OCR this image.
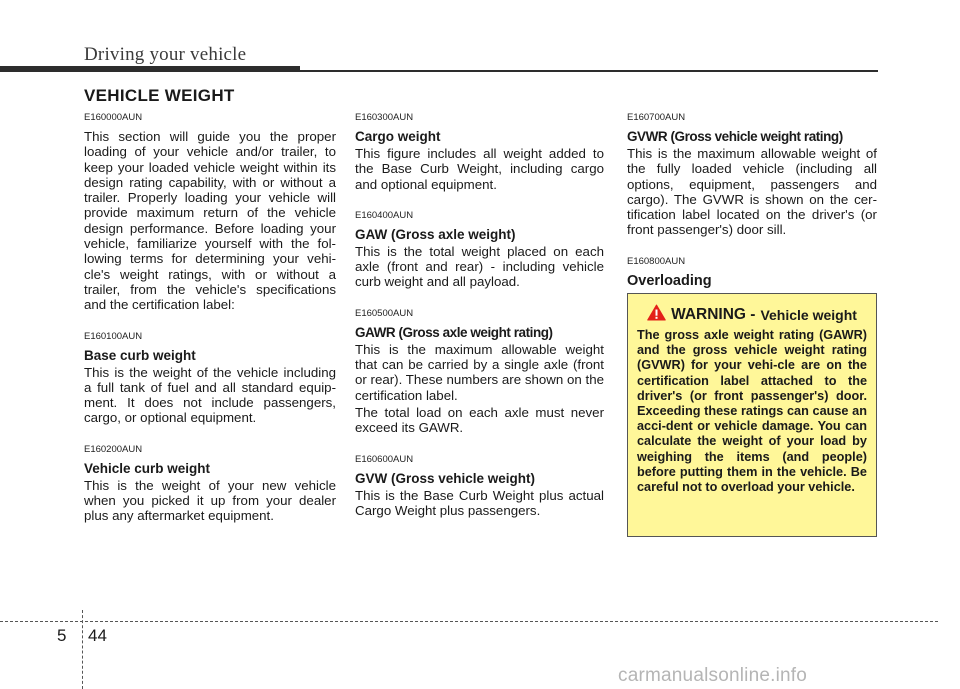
Driving your vehicle
VEHICLE WEIGHT
E160000AUN

This section will guide you the proper loading of your vehicle and/or trailer, to keep your loaded vehicle weight within its design rating capability, with or without a trailer. Properly loading your vehicle will provide maximum return of the vehicle design performance. Before loading your vehicle, familiarize yourself with the fol-lowing terms for determining your vehi-cle's weight ratings, with or without a trailer, from the vehicle's specifications and the certification label:

E160100AUN
Base curb weight

This is the weight of the vehicle including a full tank of fuel and all standard equip-ment. It does not include passengers, cargo, or optional equipment.

E160200AUN
Vehicle curb weight

This is the weight of your new vehicle when you picked it up from your dealer plus any aftermarket equipment.

E160300AUN
Cargo weight

This figure includes all weight added to the Base Curb Weight, including cargo and optional equipment.

E160400AUN
GAW (Gross axle weight)

This is the total weight placed on each axle (front and rear) - including vehicle curb weight and all payload.

E160500AUN
GAWR (Gross axle weight rating)

This is the maximum allowable weight that can be carried by a single axle (front or rear). These numbers are shown on the certification label.

The total load on each axle must never exceed its GAWR.

E160600AUN
GVW (Gross vehicle weight)

This is the Base Curb Weight plus actual Cargo Weight plus passengers.

E160700AUN
GVWR (Gross vehicle weight rating)

This is the maximum allowable weight of the fully loaded vehicle (including all options, equipment, passengers and cargo). The GVWR is shown on the cer-tification label located on the driver's (or front passenger's) door sill.

E160800AUN
Overloading
WARNING - Vehicle weight

The gross axle weight rating (GAWR) and the gross vehicle weight rating (GVWR) for your vehi-cle are on the certification label attached to the driver's (or front passenger's) door. Exceeding these ratings can cause an acci-dent or vehicle damage. You can calculate the weight of your load by weighing the items (and people) before putting them in the vehicle. Be careful not to overload your vehicle.

5 44
carmanualsonline.info
